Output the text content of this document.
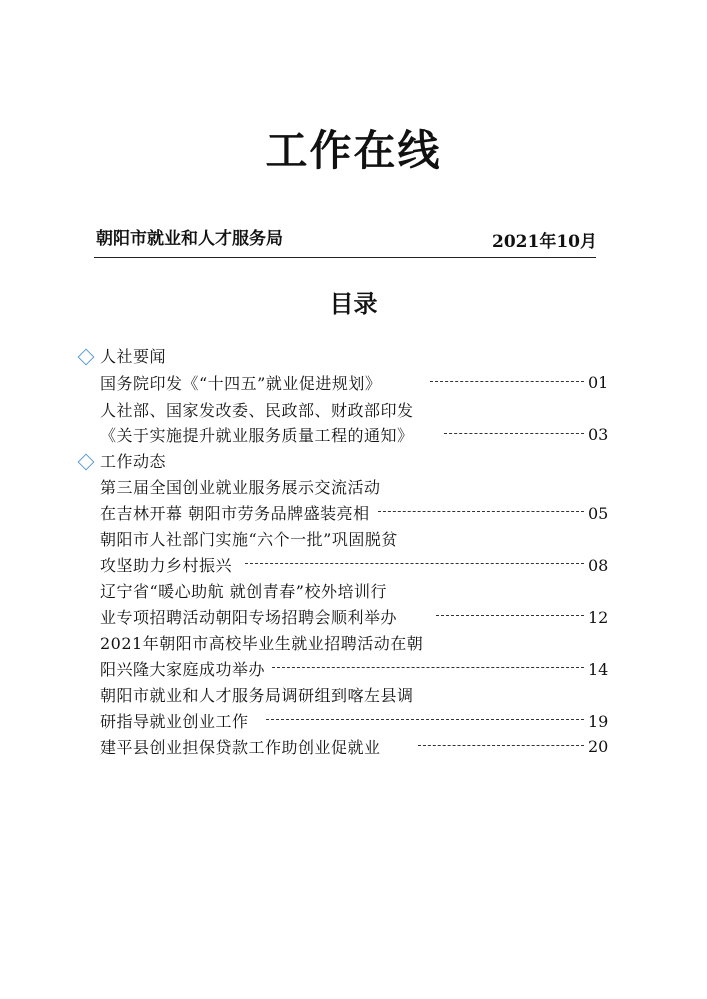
工作在线
朝阳市就业和人才服务局	2021年10月
目录
人社要闻
国务院印发《“十四五”就业促进规划》	01
人社部、国家发改委、民政部、财政部印发
《关于实施提升就业服务质量工程的通知》	03
工作动态
第三届全国创业就业服务展示交流活动
在吉林开幕 朝阳市劳务品牌盛装亮相	05
朝阳市人社部门实施“六个一批”巩固脱贫
攻坚助力乡村振兴	08
辽宁省“暖心助航 就创青春”校外培训行
业专项招聘活动朝阳专场招聘会顺利举办	12
2021年朝阳市高校毕业生就业招聘活动在朝
阳兴隆大家庭成功举办	14
朝阳市就业和人才服务局调研组到喀左县调
研指导就业创业工作	19
建平县创业担保贷款工作助创业促就业	20
